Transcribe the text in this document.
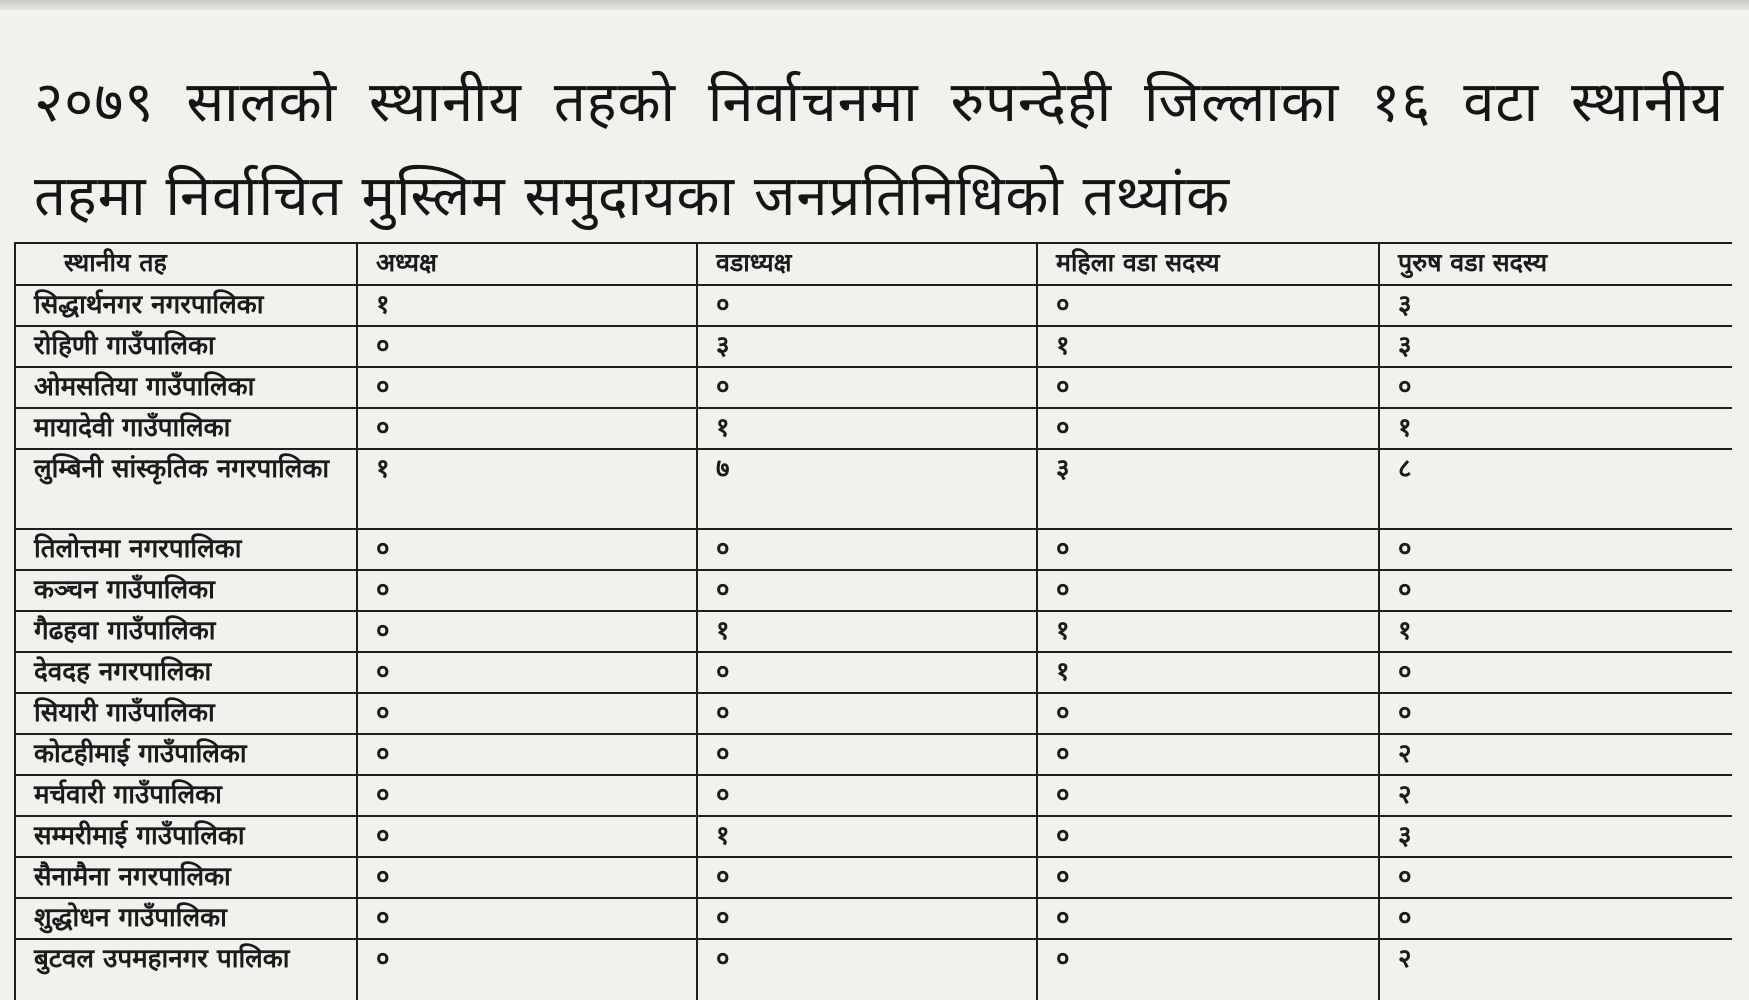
२०७९ सालको स्थानीय तहको निर्वाचनमा रुपन्देही जिल्लाका १६ वटा स्थानीय तहमा निर्वाचित मुस्लिम समुदायका जनप्रतिनिधिको तथ्यांक
स्थानीय तह	अध्यक्ष	वडाध्यक्ष	महिला वडा सदस्य	पुरुष वडा सदस्य
सिद्धार्थनगर नगरपालिका	१	०	०	३
रोहिणी गाउँपालिका	०	३	१	३
ओमसतिया गाउँपालिका	०	०	०	०
मायादेवी गाउँपालिका	०	१	०	१
लुम्बिनी सांस्कृतिक नगरपालिका	१	७	३	८
तिलोत्तमा नगरपालिका	०	०	०	०
कञ्चन गाउँपालिका	०	०	०	०
गैढहवा गाउँपालिका	०	१	१	१
देवदह नगरपालिका	०	०	१	०
सियारी गाउँपालिका	०	०	०	०
कोटहीमाई गाउँपालिका	०	०	०	२
मर्चवारी गाउँपालिका	०	०	०	२
सम्मरीमाई गाउँपालिका	०	१	०	३
सैनामैना नगरपालिका	०	०	०	०
शुद्धोधन गाउँपालिका	०	०	०	०
बुटवल उपमहानगर पालिका	०	०	०	२
